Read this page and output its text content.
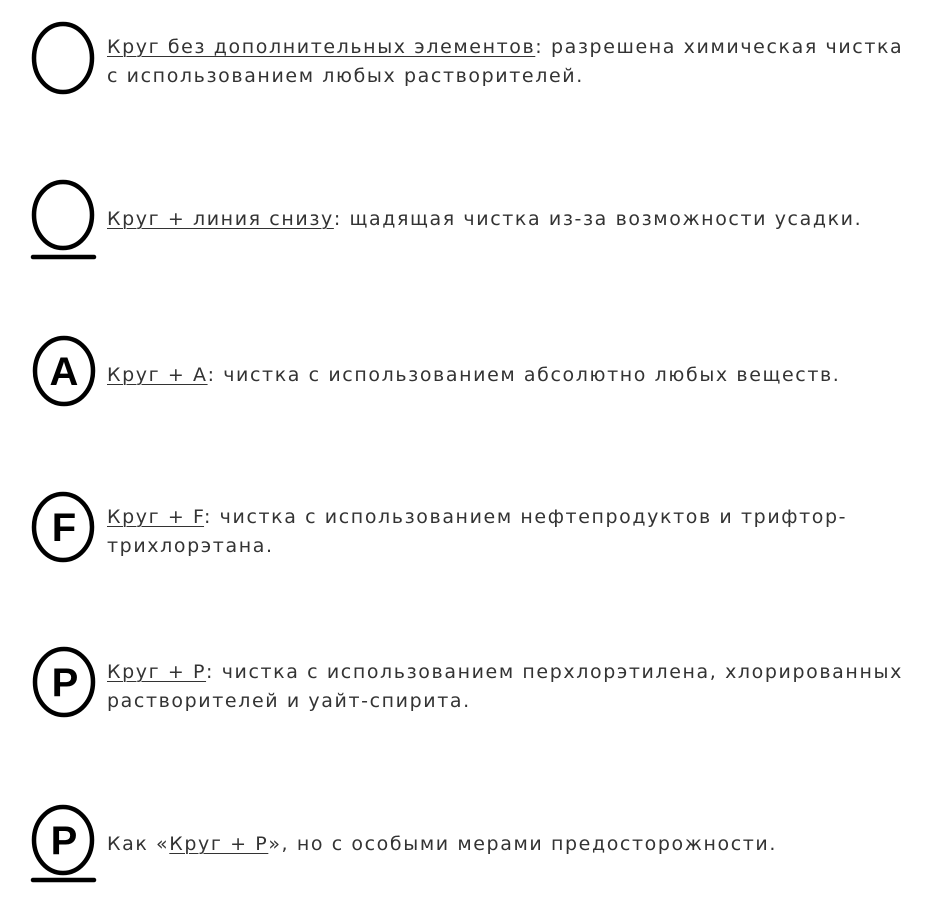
Круг без дополнительных элементов: разрешена химическая чистка с использованием любых растворителей.
Круг + линия снизу: щадящая чистка из-за возможности усадки.
A Круг + А: чистка с использованием абсолютно любых веществ.
F Круг + F: чистка с использованием нефтепродуктов и трифтор-трихлорэтана.
P Круг + Р: чистка с использованием перхлорэтилена, хлорированных растворителей и уайт-спирита.
P Как «Круг + Р», но с особыми мерами предосторожности.
